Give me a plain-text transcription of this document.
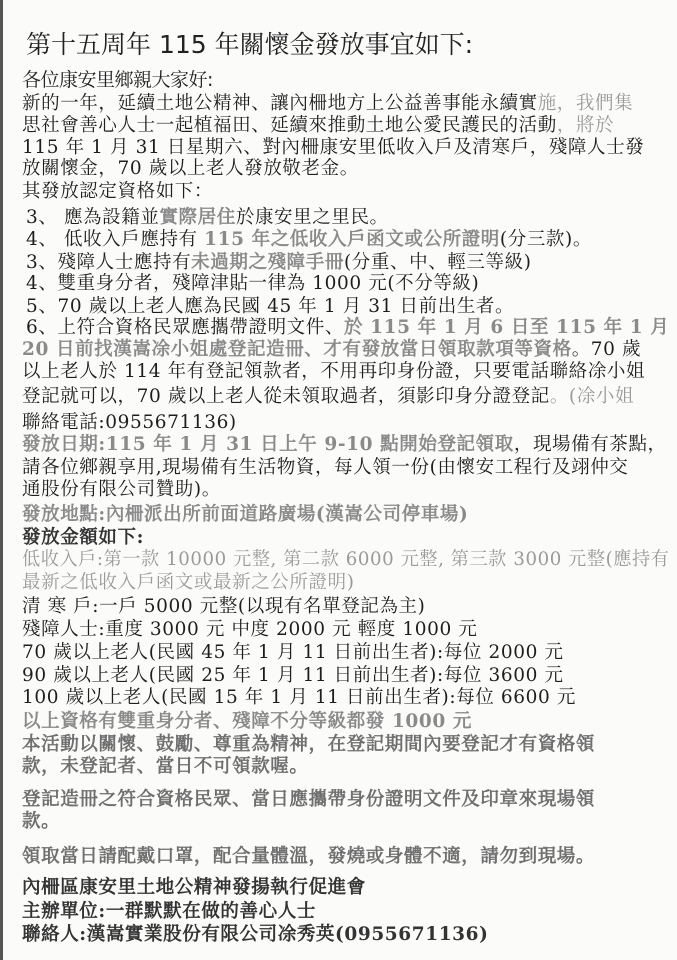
第十五周年 115 年關懷金發放事宜如下:
各位康安里鄉親大家好:
新的一年，延續土地公精神、讓內柵地方上公益善事能永續實施，我們集
思社會善心人士一起植福田、延續來推動土地公愛民護民的活動，將於
115 年 1 月 31 日星期六、對內柵康安里低收入戶及清寒戶，殘障人士發
放關懷金，70 歲以上老人發放敬老金。
其發放認定資格如下：
3、 應為設籍並實際居住於康安里之里民。
4、 低收入戶應持有 115 年之低收入戶函文或公所證明(分三款)。
3、殘障人士應持有未過期之殘障手冊(分重、中、輕三等級)
4、雙重身分者，殘障津貼一律為 1000 元(不分等級)
5、70 歲以上老人應為民國 45 年 1 月 31 日前出生者。
6、上符合資格民眾應攜帶證明文件、於 115 年 1 月 6 日至 115 年 1 月
20 日前找漢嵩凃小姐處登記造冊、才有發放當日領取款項等資格。70 歲
以上老人於 114 年有登記領款者，不用再印身份證，只要電話聯絡凃小姐
登記就可以，70 歲以上老人從未領取過者，須影印身分證登記。(凃小姐
聯絡電話:0955671136)
發放日期:115 年 1 月 31 日上午 9-10 點開始登記領取，現場備有茶點，
請各位鄉親享用,現場備有生活物資，每人領一份(由懷安工程行及翊仲交
通股份有限公司贊助)。
發放地點:內柵派出所前面道路廣場(漢嵩公司停車場)
發放金額如下:
低收入戶:第一款 10000 元整, 第二款 6000 元整, 第三款 3000 元整(應持有
最新之低收入戶函文或最新之公所證明)
清 寒 戶:一戶 5000 元整(以現有名單登記為主)
殘障人士:重度 3000 元 中度 2000 元 輕度 1000 元
70 歲以上老人(民國 45 年 1 月 11 日前出生者):每位 2000 元
90 歲以上老人(民國 25 年 1 月 11 日前出生者):每位 3600 元
100 歲以上老人(民國 15 年 1 月 11 日前出生者):每位 6600 元
以上資格有雙重身分者、殘障不分等級都發 1000 元
本活動以關懷、鼓勵、尊重為精神，在登記期間內要登記才有資格領
款，未登記者、當日不可領款喔。
登記造冊之符合資格民眾、當日應攜帶身份證明文件及印章來現場領
款。
領取當日請配戴口罩，配合量體溫，發燒或身體不適，請勿到現場。
內柵區康安里土地公精神發揚執行促進會
主辦單位:一群默默在做的善心人士
聯絡人:漢嵩實業股份有限公司凃秀英(0955671136)
